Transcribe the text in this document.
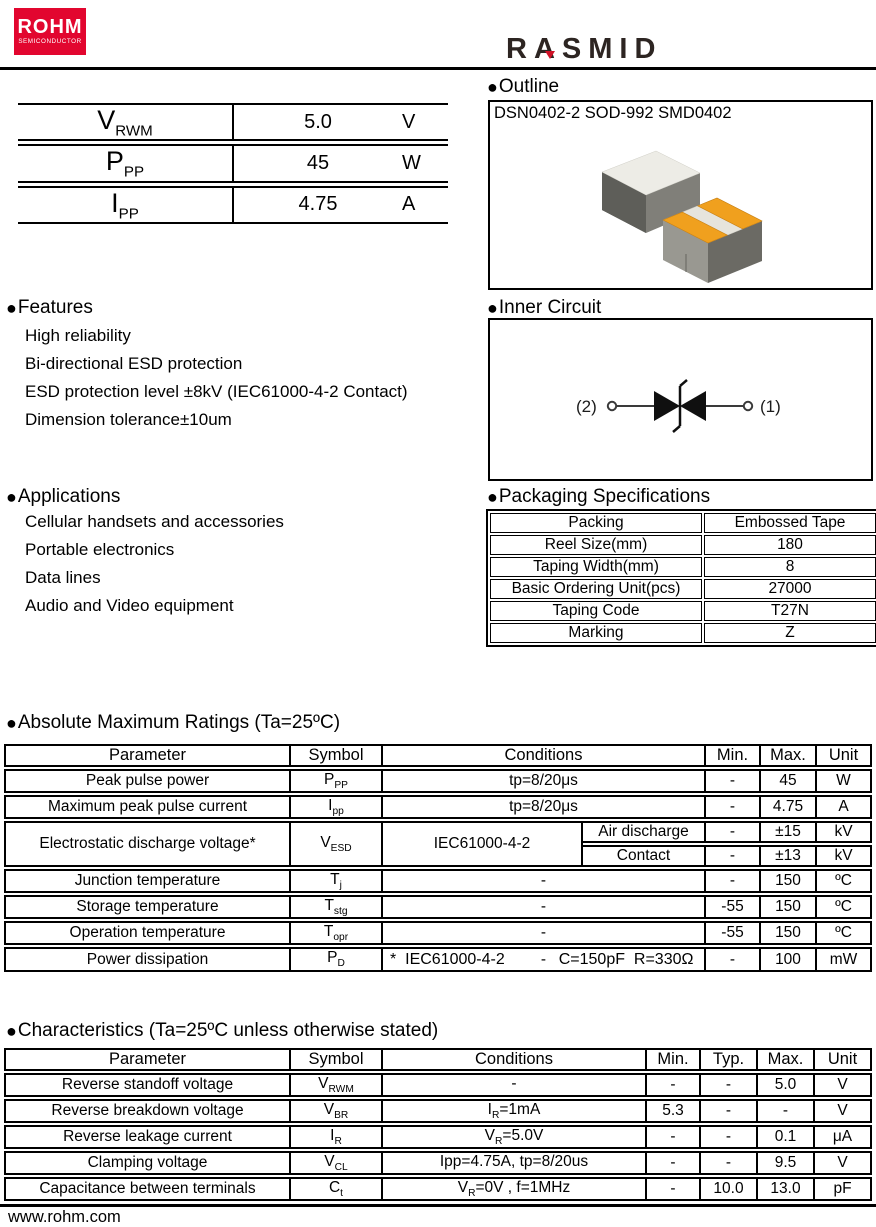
ROHM
SEMICONDUCTOR	RASMID
$V_{RWM}$	5.0 V

$P_{PP}$	45 W

$I_{PP}$	4.75 A
● Outline
DSN0402-2 SOD-992 SMD0402
● Features
High reliability
Bi-directional ESD protection
ESD protection level ±8kV (IEC61000-4-2 Contact)
Dimension tolerance±10um
● Inner Circuit
(2)	(1)
● Applications
Cellular handsets and accessories
Portable electronics
Data lines
Audio and Video equipment
● Packaging Specifications
Packing	Embossed Tape
Reel Size(mm)	180
Taping Width(mm)	8
Basic Ordering Unit(pcs)	27000
Taping Code	T27N
Marking	Z
● Absolute Maximum Ratings (Ta=25ºC)
Parameter	Symbol	Conditions		Min.	Max.	Unit
Peak pulse power	$P_{PP}$	tp=8/20μs		-	45	W
Maximum peak pulse current	$I_{pp}$	tp=8/20μs		-	4.75	A
Electrostatic discharge voltage*	$V_{ESD}$	IEC61000-4-2	Air discharge	-	±15	kV
			Contact	-	±13	kV
Junction temperature	$T_j$	-		-	150	ºC
Storage temperature	$T_{stg}$	-		-55	150	ºC
Operation temperature	$T_{opr}$	-		-55	150	ºC
Power dissipation	$P_D$	-		-	100	mW
*  IEC61000-4-2	C=150pF  R=330Ω
● Characteristics (Ta=25ºC unless otherwise stated)
Parameter	Symbol	Conditions	Min.	Typ.	Max.	Unit
Reverse standoff voltage	$V_{RWM}$	-	-	-	5.0	V
Reverse breakdown voltage	$V_{BR}$	$I_R=1mA$	5.3	-	-	V
Reverse leakage current	$I_R$	$V_R=5.0V$	-	-	0.1	μA
Clamping voltage	$V_{CL}$	Ipp=4.75A, tp=8/20us	-	-	9.5	V
Capacitance between terminals	$C_t$	$V_R=0V$ , f=1MHz	-	10.0	13.0	pF
www.rohm.com
